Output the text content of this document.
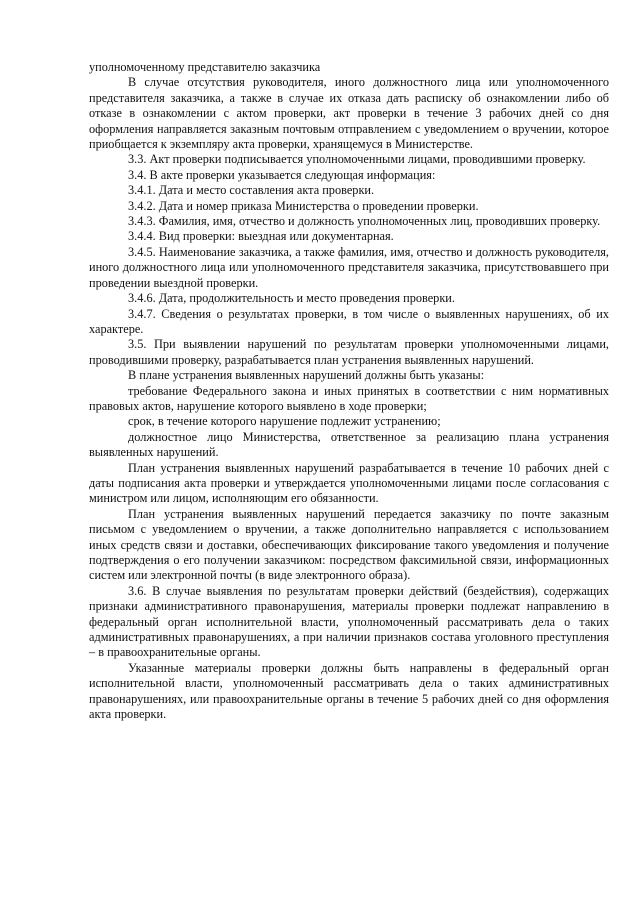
уполномоченному представителю заказчика

В случае отсутствия руководителя, иного должностного лица или уполномоченного представителя заказчика, а также в случае их отказа дать расписку об ознакомлении либо об отказе в ознакомлении с актом проверки, акт проверки в течение 3 рабочих дней со дня оформления направляется заказным почтовым отправлением с уведомлением о вручении, которое приобщается к экземпляру акта проверки, хранящемуся в Министерстве.

3.3. Акт проверки подписывается уполномоченными лицами, проводившими проверку.

3.4. В акте проверки указывается следующая информация:

3.4.1. Дата и место составления акта проверки.

3.4.2. Дата и номер приказа Министерства о проведении проверки.

3.4.3. Фамилия, имя, отчество и должность уполномоченных лиц, проводивших проверку.

3.4.4. Вид проверки: выездная или документарная.

3.4.5. Наименование заказчика, а также фамилия, имя, отчество и должность руководителя, иного должностного лица или уполномоченного представителя заказчика, присутствовавшего при проведении выездной проверки.

3.4.6. Дата, продолжительность и место проведения проверки.

3.4.7. Сведения о результатах проверки, в том числе о выявленных нарушениях, об их характере.

3.5. При выявлении нарушений по результатам проверки уполномоченными лицами, проводившими проверку, разрабатывается план устранения выявленных нарушений.

В плане устранения выявленных нарушений должны быть указаны:

требование Федерального закона и иных принятых в соответствии с ним нормативных правовых актов, нарушение которого выявлено в ходе проверки;

срок, в течение которого нарушение подлежит устранению;

должностное лицо Министерства, ответственное за реализацию плана устранения выявленных нарушений.

План устранения выявленных нарушений разрабатывается в течение 10 рабочих дней с даты подписания акта проверки и утверждается уполномоченными лицами после согласования с министром или лицом, исполняющим его обязанности.

План устранения выявленных нарушений передается заказчику по почте заказным письмом с уведомлением о вручении, а также дополнительно направляется с использованием иных средств связи и доставки, обеспечивающих фиксирование такого уведомления и получение подтверждения о его получении заказчиком: посредством факсимильной связи, информационных систем или электронной почты (в виде электронного образа).

3.6. В случае выявления по результатам проверки действий (бездействия), содержащих признаки административного правонарушения, материалы проверки подлежат направлению в федеральный орган исполнительной власти, уполномоченный рассматривать дела о таких административных правонарушениях, а при наличии признаков состава уголовного преступления – в правоохранительные органы.

Указанные материалы проверки должны быть направлены в федеральный орган исполнительной власти, уполномоченный рассматривать дела о таких административных правонарушениях, или правоохранительные органы в течение 5 рабочих дней со дня оформления акта проверки.
